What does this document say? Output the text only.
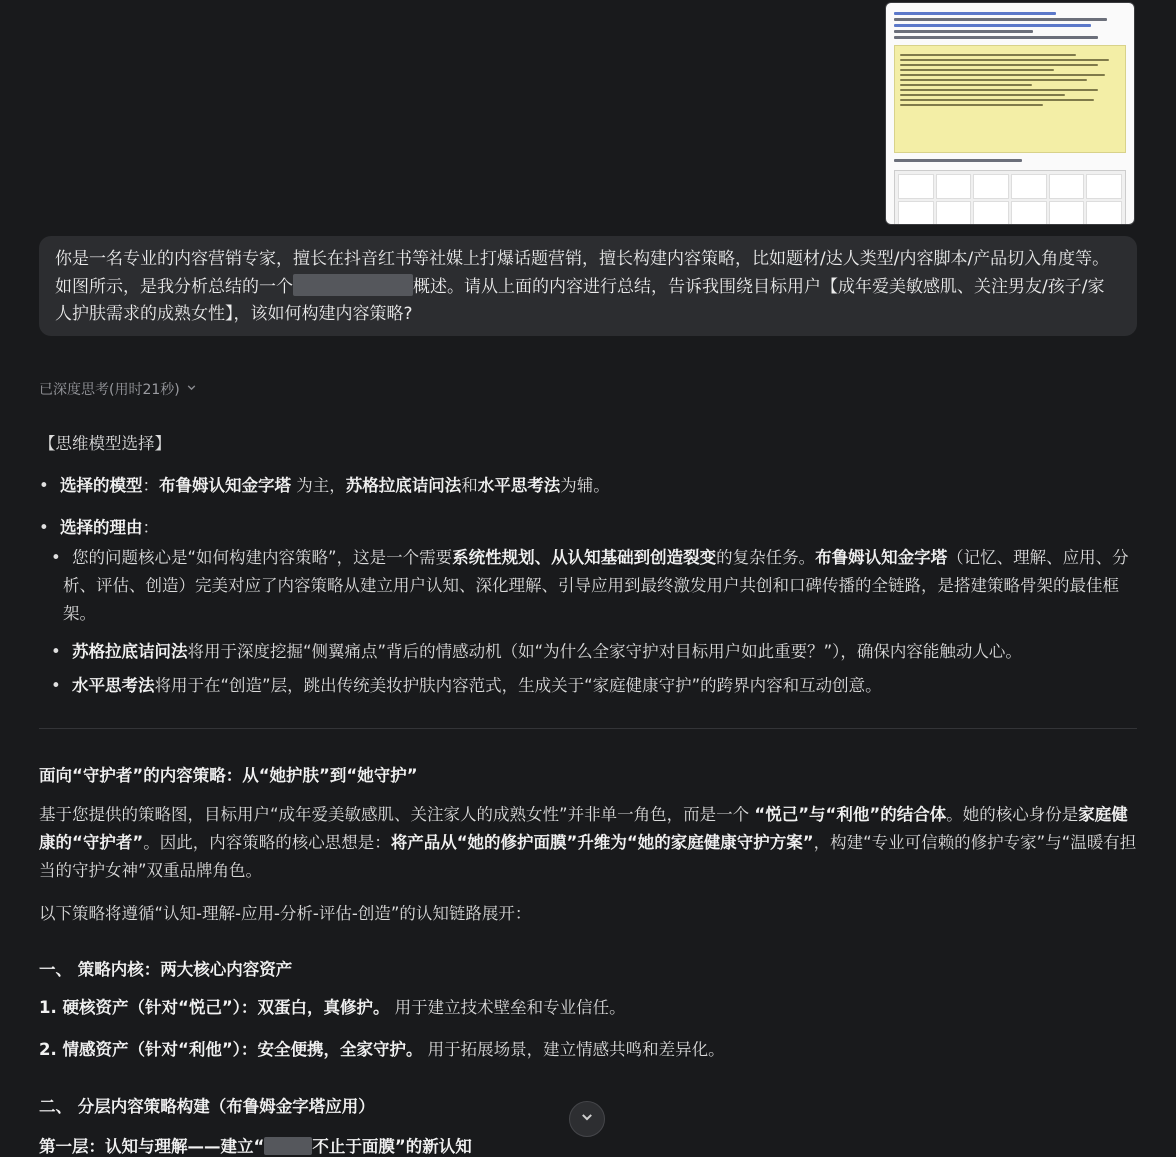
你是一名专业的内容营销专家，擅长在抖音红书等社媒上打爆话题营销，擅长构建内容策略，比如题材/达人类型/内容脚本/产品切入角度等。如图所示，是我分析总结的一个	概述。请从上面的内容进行总结，告诉我围绕目标用户【成年爱美敏感肌、关注男友/孩子/家人护肤需求的成熟女性】，该如何构建内容策略?
已深度思考(用时21秒)
【思维模型选择】
• 选择的模型：布鲁姆认知金字塔 为主，苏格拉底诘问法和水平思考法为辅。
• 选择的理由：
• 您的问题核心是“如何构建内容策略”，这是一个需要系统性规划、从认知基础到创造裂变的复杂任务。布鲁姆认知金字塔（记忆、理解、应用、分析、评估、创造）完美对应了内容策略从建立用户认知、深化理解、引导应用到最终激发用户共创和口碑传播的全链路，是搭建策略骨架的最佳框架。
• 苏格拉底诘问法将用于深度挖掘“侧翼痛点”背后的情感动机（如“为什么全家守护对目标用户如此重要？”），确保内容能触动人心。
• 水平思考法将用于在“创造”层，跳出传统美妆护肤内容范式，生成关于“家庭健康守护”的跨界内容和互动创意。
面向“守护者”的内容策略：从“她护肤”到“她守护”
基于您提供的策略图，目标用户“成年爱美敏感肌、关注家人的成熟女性”并非单一角色，而是一个 “悦己”与“利他”的结合体。她的核心身份是家庭健康的“守护者”。因此，内容策略的核心思想是：将产品从“她的修护面膜”升维为“她的家庭健康守护方案”，构建“专业可信赖的修护专家”与“温暖有担当的守护女神”双重品牌角色。
以下策略将遵循“认知-理解-应用-分析-评估-创造”的认知链路展开：
一、 策略内核：两大核心内容资产
1. 硬核资产（针对“悦己”）：双蛋白，真修护。 用于建立技术壁垒和专业信任。
2. 情感资产（针对“利他”）：安全便携，全家守护。 用于拓展场景，建立情感共鸣和差异化。
二、 分层内容策略构建（布鲁姆金字塔应用）
第一层：认知与理解——建立“	不止于面膜”的新认知
